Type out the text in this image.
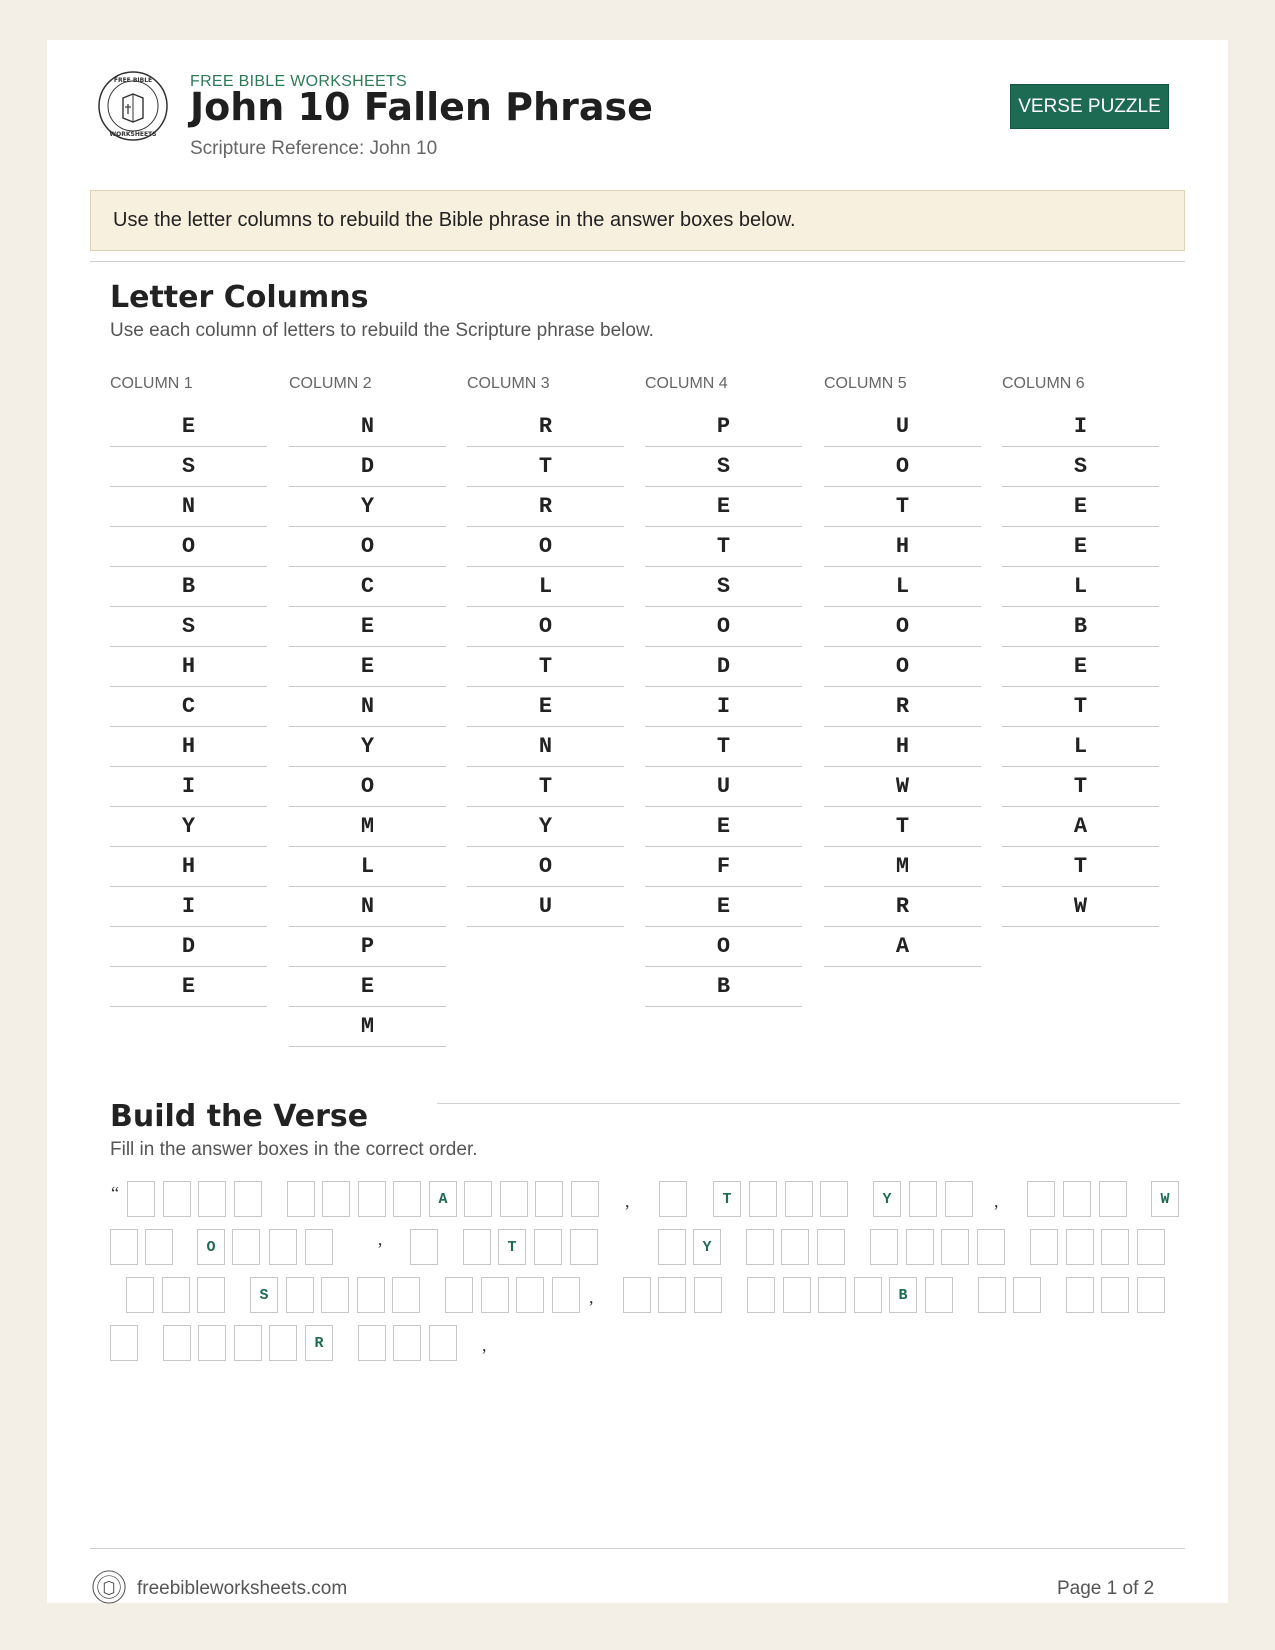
FREE BIBLE
WORKSHEETS
FREE BIBLE WORKSHEETS
John 10 Fallen Phrase
Scripture Reference: John 10
VERSE PUZZLE
Use the letter columns to rebuild the Bible phrase in the answer boxes below.
Letter Columns
Use each column of letters to rebuild the Scripture phrase below.
COLUMN 1
E
S
N
O
B
S
H
C
H
I
Y
H
I
D
E
COLUMN 2
N
D
Y
O
C
E
E
N
Y
O
M
L
N
P
E
M
COLUMN 3
R
T
R
O
L
O
T
E
N
T
Y
O
U
COLUMN 4
P
S
E
T
S
O
D
I
T
U
E
F
E
O
B
COLUMN 5
U
O
T
H
L
O
O
R
H
W
T
M
R
A
COLUMN 6
I
S
E
E
L
B
E
T
L
T
A
T
W
Build the Verse
Fill in the answer boxes in the correct order.
“	A	,	T	Y	,	W
O	’	T	Y
S	,	B
R	,
freebibleworksheets.com	Page 1 of 2
